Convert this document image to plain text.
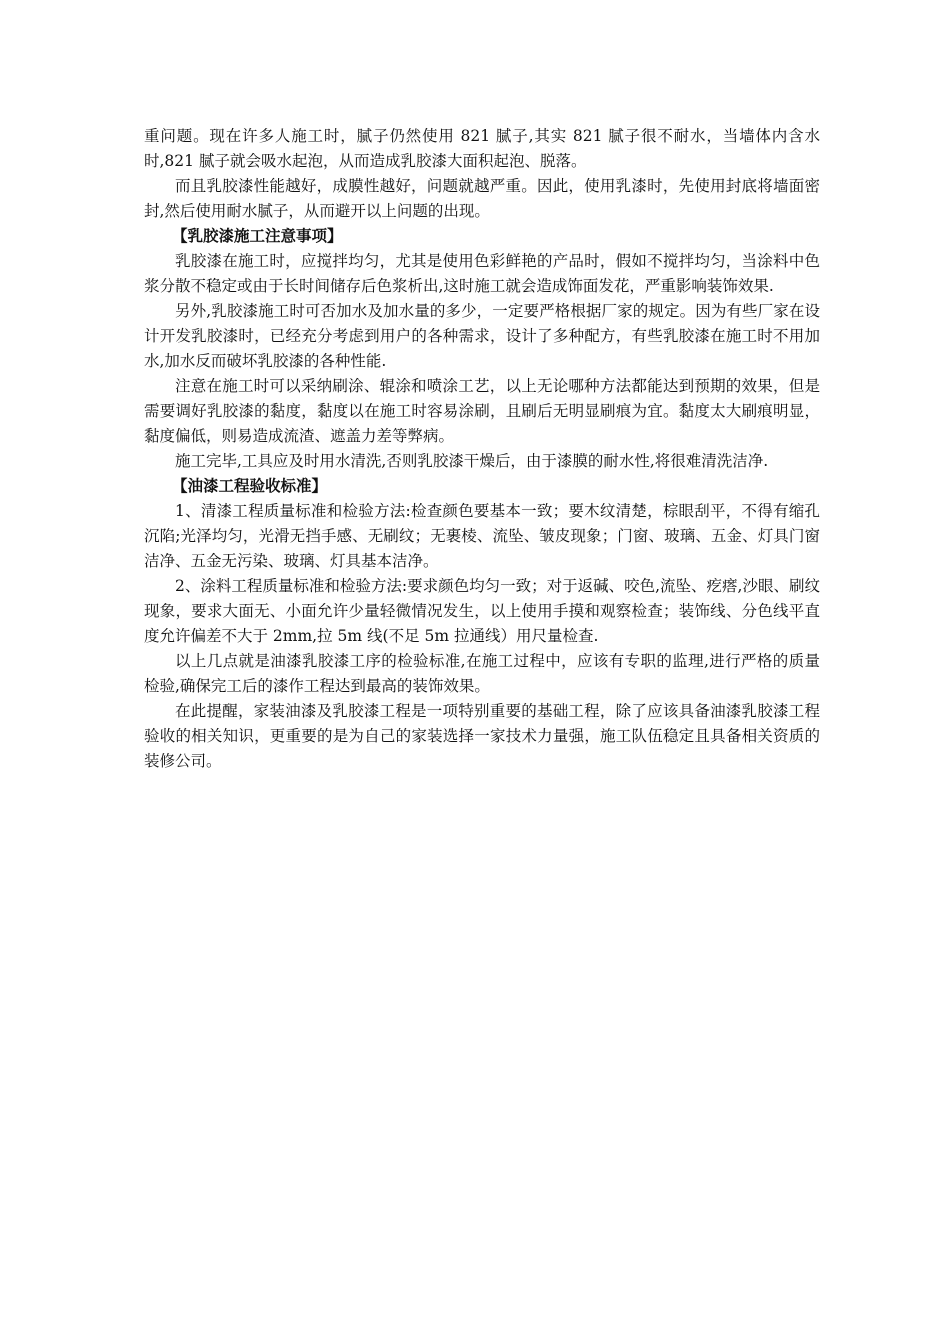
重问题。现在许多人施工时，腻子仍然使用 821 腻子,其实 821 腻子很不耐水，当墙体内含水时,821 腻子就会吸水起泡，从而造成乳胶漆大面积起泡、脱落。

而且乳胶漆性能越好，成膜性越好，问题就越严重。因此，使用乳漆时，先使用封底将墙面密封,然后使用耐水腻子，从而避开以上问题的出现。

【乳胶漆施工注意事项】

乳胶漆在施工时，应搅拌均匀，尤其是使用色彩鲜艳的产品时，假如不搅拌均匀，当涂料中色浆分散不稳定或由于长时间储存后色浆析出,这时施工就会造成饰面发花，严重影响装饰效果.

另外,乳胶漆施工时可否加水及加水量的多少，一定要严格根据厂家的规定。因为有些厂家在设计开发乳胶漆时，已经充分考虑到用户的各种需求，设计了多种配方，有些乳胶漆在施工时不用加水,加水反而破坏乳胶漆的各种性能.

注意在施工时可以采纳刷涂、辊涂和喷涂工艺，以上无论哪种方法都能达到预期的效果，但是需要调好乳胶漆的黏度，黏度以在施工时容易涂刷，且刷后无明显刷痕为宜。黏度太大刷痕明显，黏度偏低，则易造成流渣、遮盖力差等弊病。

施工完毕,工具应及时用水清洗,否则乳胶漆干燥后，由于漆膜的耐水性,将很难清洗洁净.

【油漆工程验收标准】

1、清漆工程质量标准和检验方法:检查颜色要基本一致；要木纹清楚，棕眼刮平，不得有缩孔沉陷;光泽均匀，光滑无挡手感、无刷纹；无裹棱、流坠、皱皮现象；门窗、玻璃、五金、灯具门窗洁净、五金无污染、玻璃、灯具基本洁净。

2、涂料工程质量标准和检验方法:要求颜色均匀一致；对于返碱、咬色,流坠、疙瘩,沙眼、刷纹现象，要求大面无、小面允许少量轻微情况发生，以上使用手摸和观察检查；装饰线、分色线平直度允许偏差不大于 2mm,拉 5m 线(不足 5m 拉通线）用尺量检查.

以上几点就是油漆乳胶漆工序的检验标准,在施工过程中，应该有专职的监理,进行严格的质量检验,确保完工后的漆作工程达到最高的装饰效果。

在此提醒，家装油漆及乳胶漆工程是一项特别重要的基础工程，除了应该具备油漆乳胶漆工程验收的相关知识，更重要的是为自己的家装选择一家技术力量强，施工队伍稳定且具备相关资质的装修公司。
